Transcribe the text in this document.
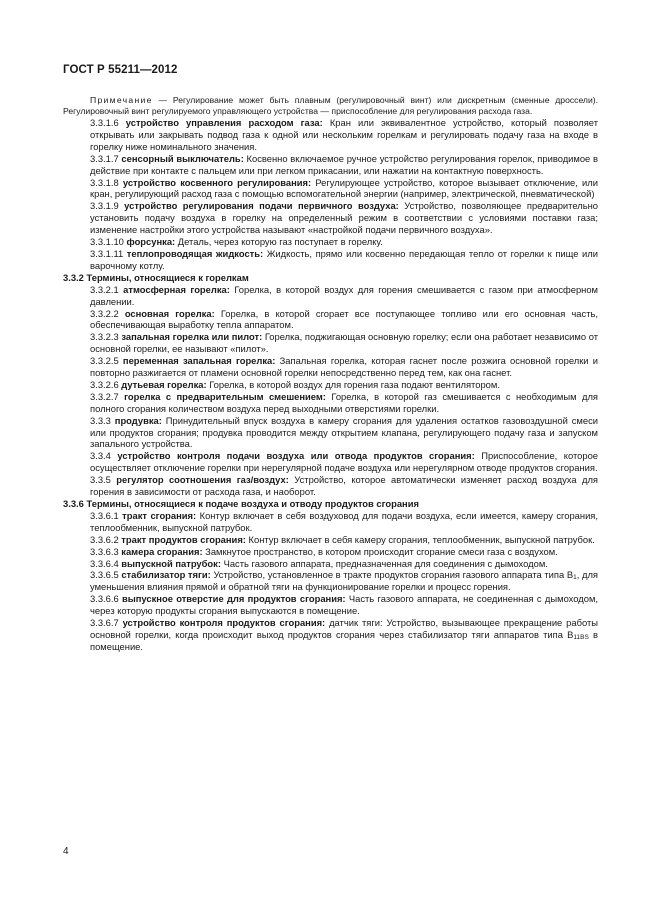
ГОСТ Р 55211—2012

Примечание — Регулирование может быть плавным (регулировочный винт) или дискретным (сменные дроссели). Регулировочный винт регулируемого управляющего устройства — приспособление для регулирования расхода газа.

3.3.1.6 устройство управления расходом газа: Кран или эквивалентное устройство, который позволяет открывать или закрывать подвод газа к одной или нескольким горелкам и регулировать подачу газа на входе в горелку ниже номинального значения.

3.3.1.7 сенсорный выключатель: Косвенно включаемое ручное устройство регулирования горелок, приводимое в действие при контакте с пальцем или при легком прикасании, или нажатии на контактную поверхность.

3.3.1.8 устройство косвенного регулирования: Регулирующее устройство, которое вызывает отключение, или кран, регулирующий расход газа с помощью вспомогательной энергии (например, электрической, пневматической)

3.3.1.9 устройство регулирования подачи первичного воздуха: Устройство, позволяющее предварительно установить подачу воздуха в горелку на определенный режим в соответствии с условиями поставки газа; изменение настройки этого устройства называют «настройкой подачи первичного воздуха».

3.3.1.10 форсунка: Деталь, через которую газ поступает в горелку.

3.3.1.11 теплопроводящая жидкость: Жидкость, прямо или косвенно передающая тепло от горелки к пище или варочному котлу.

3.3.2 Термины, относящиеся к горелкам

3.3.2.1 атмосферная горелка: Горелка, в которой воздух для горения смешивается с газом при атмосферном давлении.

3.3.2.2 основная горелка: Горелка, в которой сгорает все поступающее топливо или его основная часть, обеспечивающая выработку тепла аппаратом.

3.3.2.3 запальная горелка или пилот: Горелка, поджигающая основную горелку; если она работает независимо от основной горелки, ее называют «пилот».

3.3.2.5 переменная запальная горелка: Запальная горелка, которая гаснет после розжига основной горелки и повторно разжигается от пламени основной горелки непосредственно перед тем, как она гаснет.

3.3.2.6 дутьевая горелка: Горелка, в которой воздух для горения газа подают вентилятором.

3.3.2.7 горелка с предварительным смешением: Горелка, в которой газ смешивается с необходимым для полного сгорания количеством воздуха перед выходными отверстиями горелки.

3.3.3 продувка: Принудительный впуск воздуха в камеру сгорания для удаления остатков газовоздушной смеси или продуктов сгорания; продувка проводится между открытием клапана, регулирующего подачу газа и запуском запального устройства.

3.3.4 устройство контроля подачи воздуха или отвода продуктов сгорания: Приспособление, которое осуществляет отключение горелки при нерегулярной подаче воздуха или нерегулярном отводе продуктов сгорания.

3.3.5 регулятор соотношения газ/воздух: Устройство, которое автоматически изменяет расход воздуха для горения в зависимости от расхода газа, и наоборот.

3.3.6 Термины, относящиеся к подаче воздуха и отводу продуктов сгорания

3.3.6.1 тракт сгорания: Контур включает в себя воздуховод для подачи воздуха, если имеется, камеру сгорания, теплообменник, выпускной патрубок.

3.3.6.2 тракт продуктов сгорания: Контур включает в себя камеру сгорания, теплообменник, выпускной патрубок.

3.3.6.3 камера сгорания: Замкнутое пространство, в котором происходит сгорание смеси газа с воздухом.

3.3.6.4 выпускной патрубок: Часть газового аппарата, предназначенная для соединения с дымоходом.

3.3.6.5 стабилизатор тяги: Устройство, установленное в тракте продуктов сгорания газового аппарата типа $В_1$, для уменьшения влияния прямой и обратной тяги на функционирование горелки и процесс горения.

3.3.6.6 выпускное отверстие для продуктов сгорания: Часть газового аппарата, не соединенная с дымоходом, через которую продукты сгорания выпускаются в помещение.

3.3.6.7 устройство контроля продуктов сгорания: датчик тяги: Устройство, вызывающее прекращение работы основной горелки, когда происходит выход продуктов сгорания через стабилизатор тяги аппаратов типа $В_{11BS}$ в помещение.

4
